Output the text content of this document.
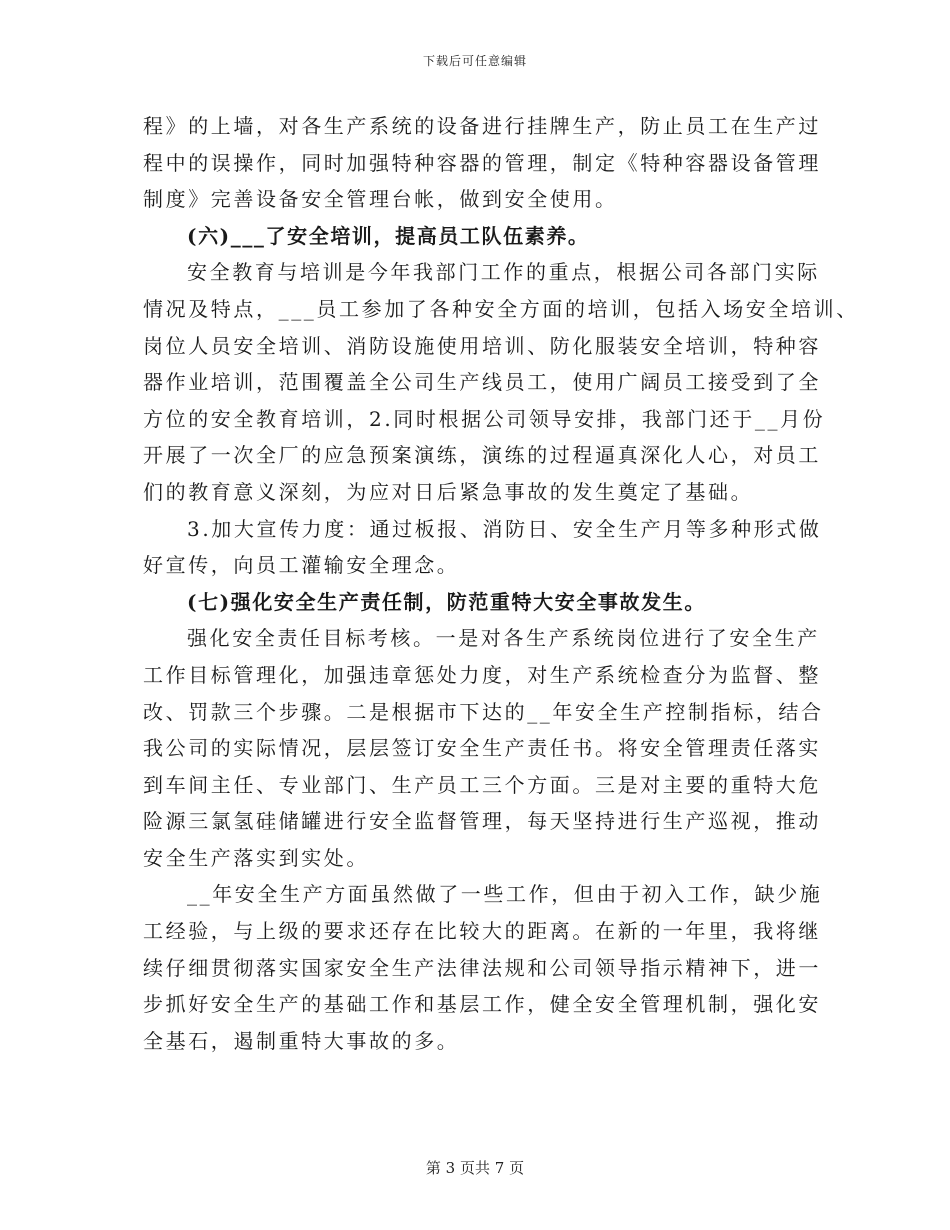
下载后可任意编辑
程》的上墙，对各生产系统的设备进行挂牌生产，防止员工在生产过
程中的误操作，同时加强特种容器的管理，制定《特种容器设备管理
制度》完善设备安全管理台帐，做到安全使用。
(六)___了安全培训，提高员工队伍素养。
安全教育与培训是今年我部门工作的重点，根据公司各部门实际
情况及特点，___员工参加了各种安全方面的培训，包括入场安全培训、
岗位人员安全培训、消防设施使用培训、防化服装安全培训，特种容
器作业培训，范围覆盖全公司生产线员工，使用广阔员工接受到了全
方位的安全教育培训，2.同时根据公司领导安排，我部门还于__月份
开展了一次全厂的应急预案演练，演练的过程逼真深化人心，对员工
们的教育意义深刻，为应对日后紧急事故的发生奠定了基础。
3.加大宣传力度：通过板报、消防日、安全生产月等多种形式做
好宣传，向员工灌输安全理念。
(七)强化安全生产责任制，防范重特大安全事故发生。
强化安全责任目标考核。一是对各生产系统岗位进行了安全生产
工作目标管理化，加强违章惩处力度，对生产系统检查分为监督、整
改、罚款三个步骤。二是根据市下达的__年安全生产控制指标，结合
我公司的实际情况，层层签订安全生产责任书。将安全管理责任落实
到车间主任、专业部门、生产员工三个方面。三是对主要的重特大危
险源三氯氢硅储罐进行安全监督管理，每天坚持进行生产巡视，推动
安全生产落实到实处。
__年安全生产方面虽然做了一些工作，但由于初入工作，缺少施
工经验，与上级的要求还存在比较大的距离。在新的一年里，我将继
续仔细贯彻落实国家安全生产法律法规和公司领导指示精神下，进一
步抓好安全生产的基础工作和基层工作，健全安全管理机制，强化安
全基石，遏制重特大事故的多。
第 3 页共 7 页
